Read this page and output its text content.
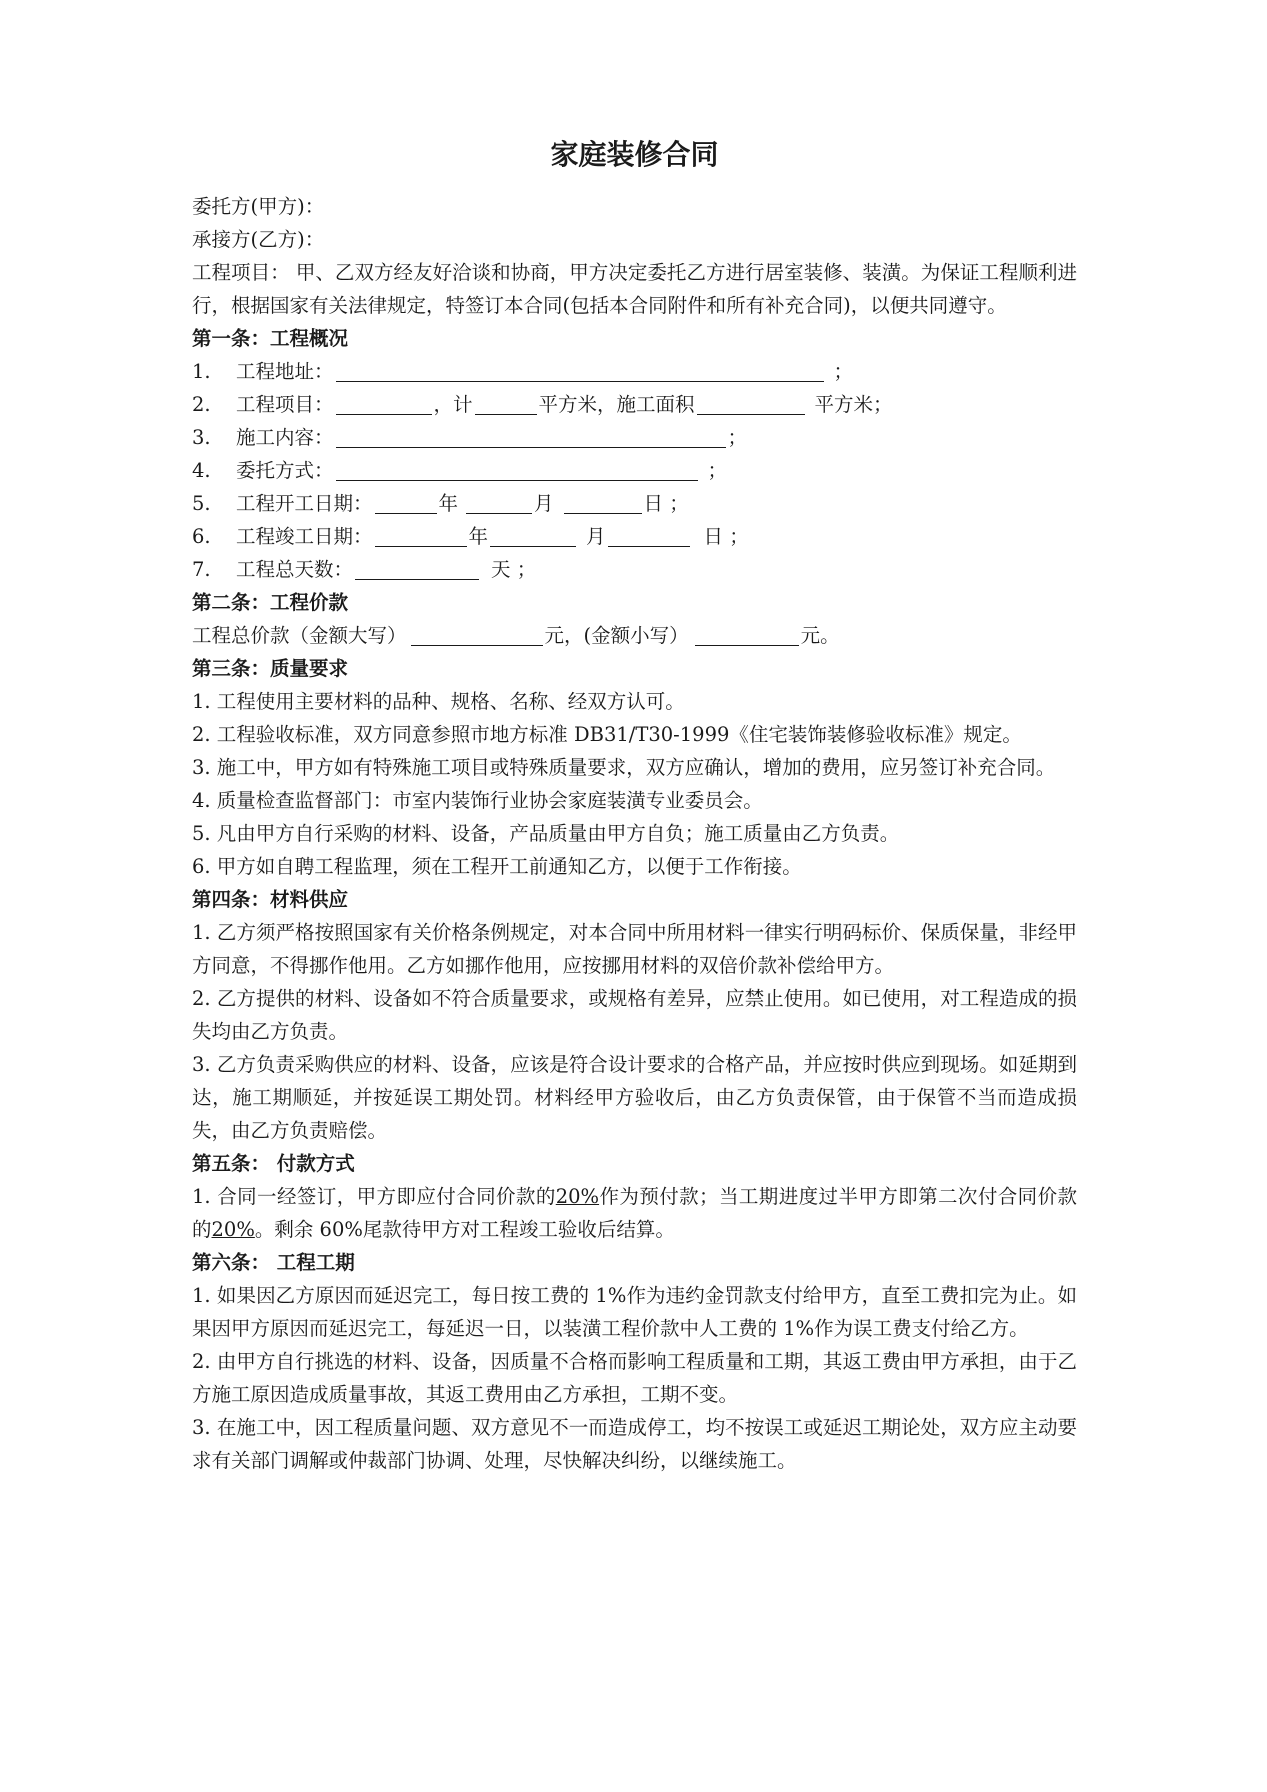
家庭装修合同
委托方(甲方)：
承接方(乙方)：
工程项目： 甲、乙双方经友好洽谈和协商，甲方决定委托乙方进行居室装修、装潢。为保证工程顺利进行，根据国家有关法律规定，特签订本合同(包括本合同附件和所有补充合同)，以便共同遵守。
第一条：工程概况
1. 工程地址：	；
2. 工程项目：	，计	平方米，施工面积	平方米；
3. 施工内容：	；
4. 委托方式：	；
5. 工程开工日期：	年	月	日 ；
6. 工程竣工日期：	年	月	日 ；
7. 工程总天数：	天 ；
第二条：工程价款
工程总价款（金额大写）	元，(金额小写）	元。
第三条：质量要求
1. 工程使用主要材料的品种、规格、名称、经双方认可。
2. 工程验收标准，双方同意参照市地方标准 DB31/T30-1999《住宅装饰装修验收标准》规定。
3. 施工中，甲方如有特殊施工项目或特殊质量要求，双方应确认，增加的费用，应另签订补充合同。
4. 质量检查监督部门：市室内装饰行业协会家庭装潢专业委员会。
5. 凡由甲方自行采购的材料、设备，产品质量由甲方自负；施工质量由乙方负责。
6. 甲方如自聘工程监理，须在工程开工前通知乙方，以便于工作衔接。
第四条：材料供应
1. 乙方须严格按照国家有关价格条例规定，对本合同中所用材料一律实行明码标价、保质保量，非经甲方同意，不得挪作他用。乙方如挪作他用，应按挪用材料的双倍价款补偿给甲方。
2. 乙方提供的材料、设备如不符合质量要求，或规格有差异，应禁止使用。如已使用，对工程造成的损失均由乙方负责。
3. 乙方负责采购供应的材料、设备，应该是符合设计要求的合格产品，并应按时供应到现场。如延期到达，施工期顺延，并按延误工期处罚。材料经甲方验收后，由乙方负责保管，由于保管不当而造成损失，由乙方负责赔偿。
第五条： 付款方式
1. 合同一经签订，甲方即应付合同价款的20%作为预付款；当工期进度过半甲方即第二次付合同价款的20%。剩余 60%尾款待甲方对工程竣工验收后结算。
第六条： 工程工期
1. 如果因乙方原因而延迟完工，每日按工费的 1%作为违约金罚款支付给甲方，直至工费扣完为止。如果因甲方原因而延迟完工，每延迟一日，以装潢工程价款中人工费的 1%作为误工费支付给乙方。
2. 由甲方自行挑选的材料、设备，因质量不合格而影响工程质量和工期，其返工费由甲方承担，由于乙方施工原因造成质量事故，其返工费用由乙方承担，工期不变。
3. 在施工中，因工程质量问题、双方意见不一而造成停工，均不按误工或延迟工期论处，双方应主动要求有关部门调解或仲裁部门协调、处理，尽快解决纠纷，以继续施工。
